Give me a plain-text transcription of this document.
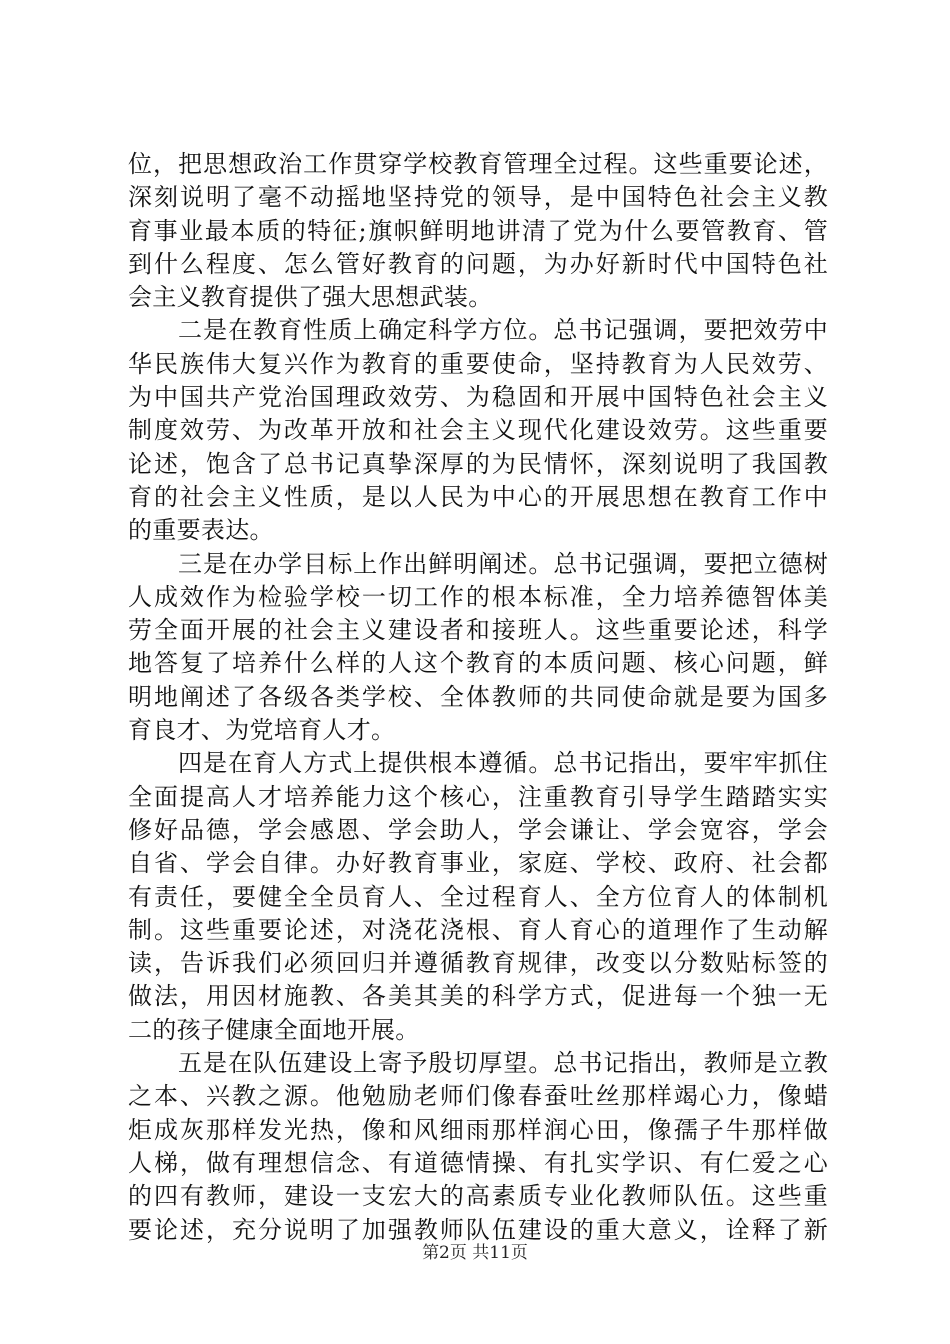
位，把思想政治工作贯穿学校教育管理全过程。这些重要论述，
深刻说明了毫不动摇地坚持党的领导，是中国特色社会主义教
育事业最本质的特征;旗帜鲜明地讲清了党为什么要管教育、管
到什么程度、怎么管好教育的问题，为办好新时代中国特色社
会主义教育提供了强大思想武装。
　　二是在教育性质上确定科学方位。总书记强调，要把效劳中
华民族伟大复兴作为教育的重要使命，坚持教育为人民效劳、
为中国共产党治国理政效劳、为稳固和开展中国特色社会主义
制度效劳、为改革开放和社会主义现代化建设效劳。这些重要
论述，饱含了总书记真挚深厚的为民情怀，深刻说明了我国教
育的社会主义性质，是以人民为中心的开展思想在教育工作中
的重要表达。
　　三是在办学目标上作出鲜明阐述。总书记强调，要把立德树
人成效作为检验学校一切工作的根本标准，全力培养德智体美
劳全面开展的社会主义建设者和接班人。这些重要论述，科学
地答复了培养什么样的人这个教育的本质问题、核心问题，鲜
明地阐述了各级各类学校、全体教师的共同使命就是要为国多
育良才、为党培育人才。
　　四是在育人方式上提供根本遵循。总书记指出，要牢牢抓住
全面提高人才培养能力这个核心，注重教育引导学生踏踏实实
修好品德，学会感恩、学会助人，学会谦让、学会宽容，学会
自省、学会自律。办好教育事业，家庭、学校、政府、社会都
有责任，要健全全员育人、全过程育人、全方位育人的体制机
制。这些重要论述，对浇花浇根、育人育心的道理作了生动解
读，告诉我们必须回归并遵循教育规律，改变以分数贴标签的
做法，用因材施教、各美其美的科学方式，促进每一个独一无
二的孩子健康全面地开展。
　　五是在队伍建设上寄予殷切厚望。总书记指出，教师是立教
之本、兴教之源。他勉励老师们像春蚕吐丝那样竭心力，像蜡
炬成灰那样发光热，像和风细雨那样润心田，像孺子牛那样做
人梯，做有理想信念、有道德情操、有扎实学识、有仁爱之心
的四有教师，建设一支宏大的高素质专业化教师队伍。这些重
要论述，充分说明了加强教师队伍建设的重大意义，诠释了新
第2页 共11页
